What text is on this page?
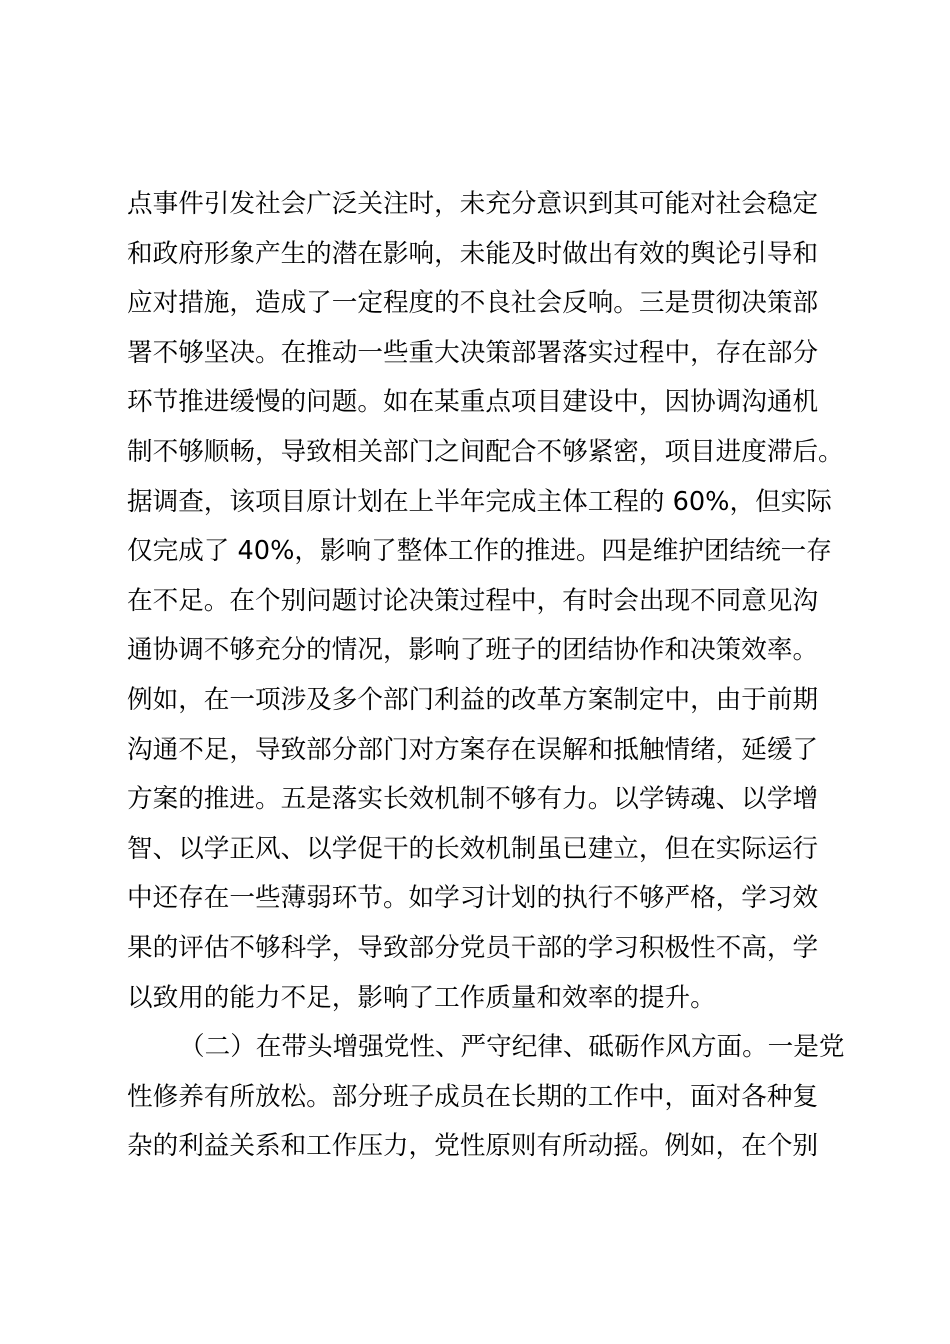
点事件引发社会广泛关注时，未充分意识到其可能对社会稳定
和政府形象产生的潜在影响，未能及时做出有效的舆论引导和
应对措施，造成了一定程度的不良社会反响。三是贯彻决策部
署不够坚决。在推动一些重大决策部署落实过程中，存在部分
环节推进缓慢的问题。如在某重点项目建设中，因协调沟通机
制不够顺畅，导致相关部门之间配合不够紧密，项目进度滞后。
据调查，该项目原计划在上半年完成主体工程的 60%，但实际
仅完成了 40%，影响了整体工作的推进。四是维护团结统一存
在不足。在个别问题讨论决策过程中，有时会出现不同意见沟
通协调不够充分的情况，影响了班子的团结协作和决策效率。
例如，在一项涉及多个部门利益的改革方案制定中，由于前期
沟通不足，导致部分部门对方案存在误解和抵触情绪，延缓了
方案的推进。五是落实长效机制不够有力。以学铸魂、以学增
智、以学正风、以学促干的长效机制虽已建立，但在实际运行
中还存在一些薄弱环节。如学习计划的执行不够严格，学习效
果的评估不够科学，导致部分党员干部的学习积极性不高，学
以致用的能力不足，影响了工作质量和效率的提升。
（二）在带头增强党性、严守纪律、砥砺作风方面。一是党
性修养有所放松。部分班子成员在长期的工作中，面对各种复
杂的利益关系和工作压力，党性原则有所动摇。例如，在个别
